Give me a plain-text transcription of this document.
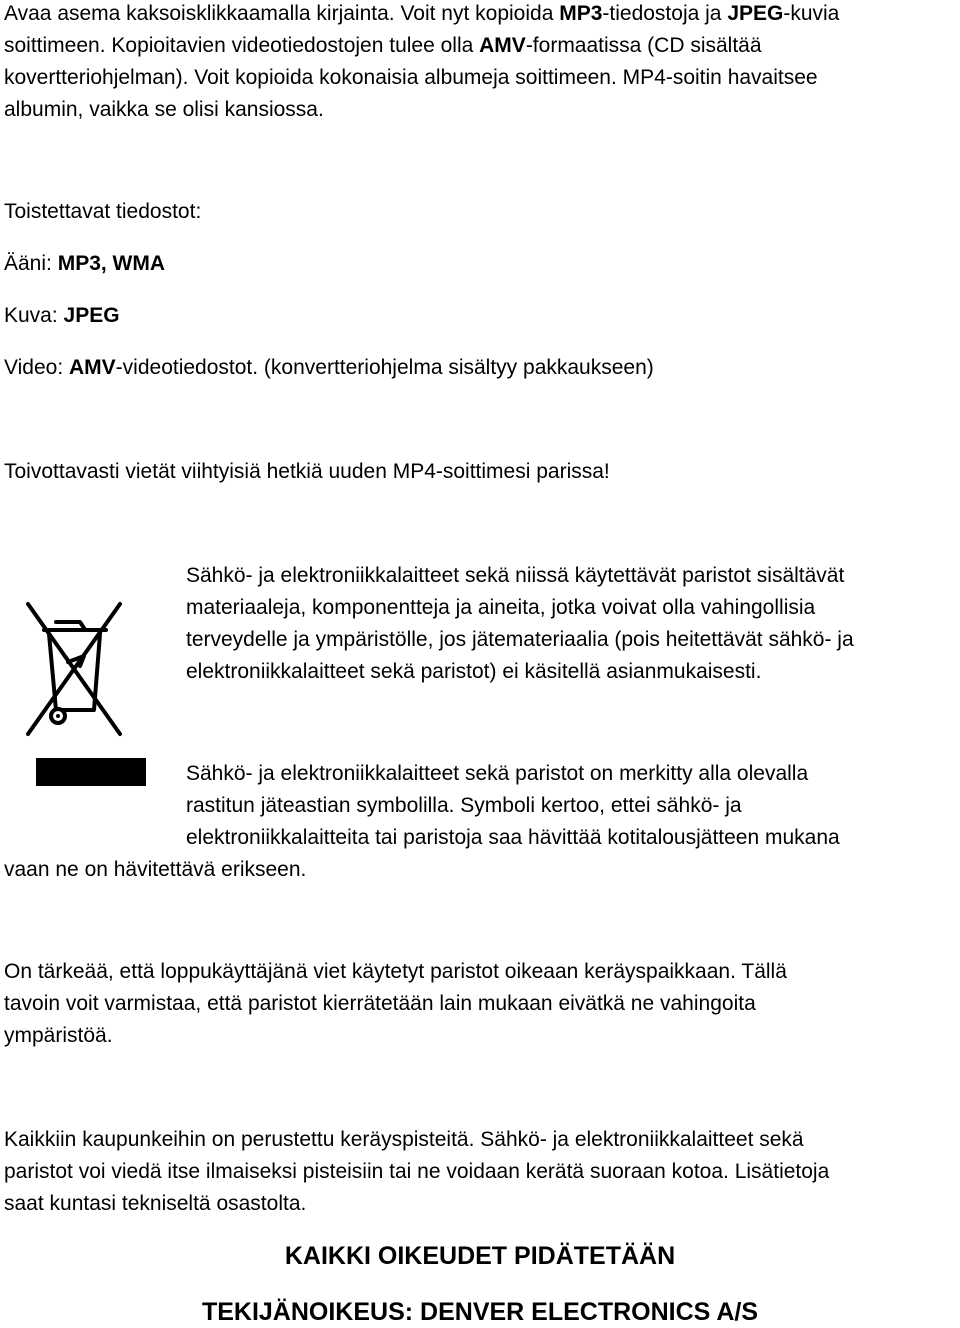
Avaa asema kaksoisklikkaamalla kirjainta. Voit nyt kopioida MP3-tiedostoja ja JPEG-kuvia

soittimeen. Kopioitavien videotiedostojen tulee olla AMV-formaatissa (CD sisältää

kovertteriohjelman). Voit kopioida kokonaisia albumeja soittimeen. MP4-soitin havaitsee

albumin, vaikka se olisi kansiossa.

Toistettavat tiedostot:

Ääni: MP3, WMA

Kuva: JPEG

Video: AMV-videotiedostot. (konvertteriohjelma sisältyy pakkaukseen)

Toivottavasti vietät viihtyisiä hetkiä uuden MP4-soittimesi parissa!

Sähkö- ja elektroniikkalaitteet sekä niissä käytettävät paristot sisältävät

materiaaleja, komponentteja ja aineita, jotka voivat olla vahingollisia

terveydelle ja ympäristölle, jos jätemateriaalia (pois heitettävät sähkö- ja

elektroniikkalaitteet sekä paristot) ei käsitellä asianmukaisesti.

Sähkö- ja elektroniikkalaitteet sekä paristot on merkitty alla olevalla

rastitun jäteastian symbolilla. Symboli kertoo, ettei sähkö- ja

elektroniikkalaitteita tai paristoja saa hävittää kotitalousjätteen mukana

vaan ne on hävitettävä erikseen.

On tärkeää, että loppukäyttäjänä viet käytetyt paristot oikeaan keräyspaikkaan. Tällä

tavoin voit varmistaa, että paristot kierrätetään lain mukaan eivätkä ne vahingoita

ympäristöä.

Kaikkiin kaupunkeihin on perustettu keräyspisteitä. Sähkö- ja elektroniikkalaitteet sekä

paristot voi viedä itse ilmaiseksi pisteisiin tai ne voidaan kerätä suoraan kotoa. Lisätietoja

saat kuntasi tekniseltä osastolta.

KAIKKI OIKEUDET PIDÄTETÄÄN
TEKIJÄNOIKEUS: DENVER ELECTRONICS A/S
